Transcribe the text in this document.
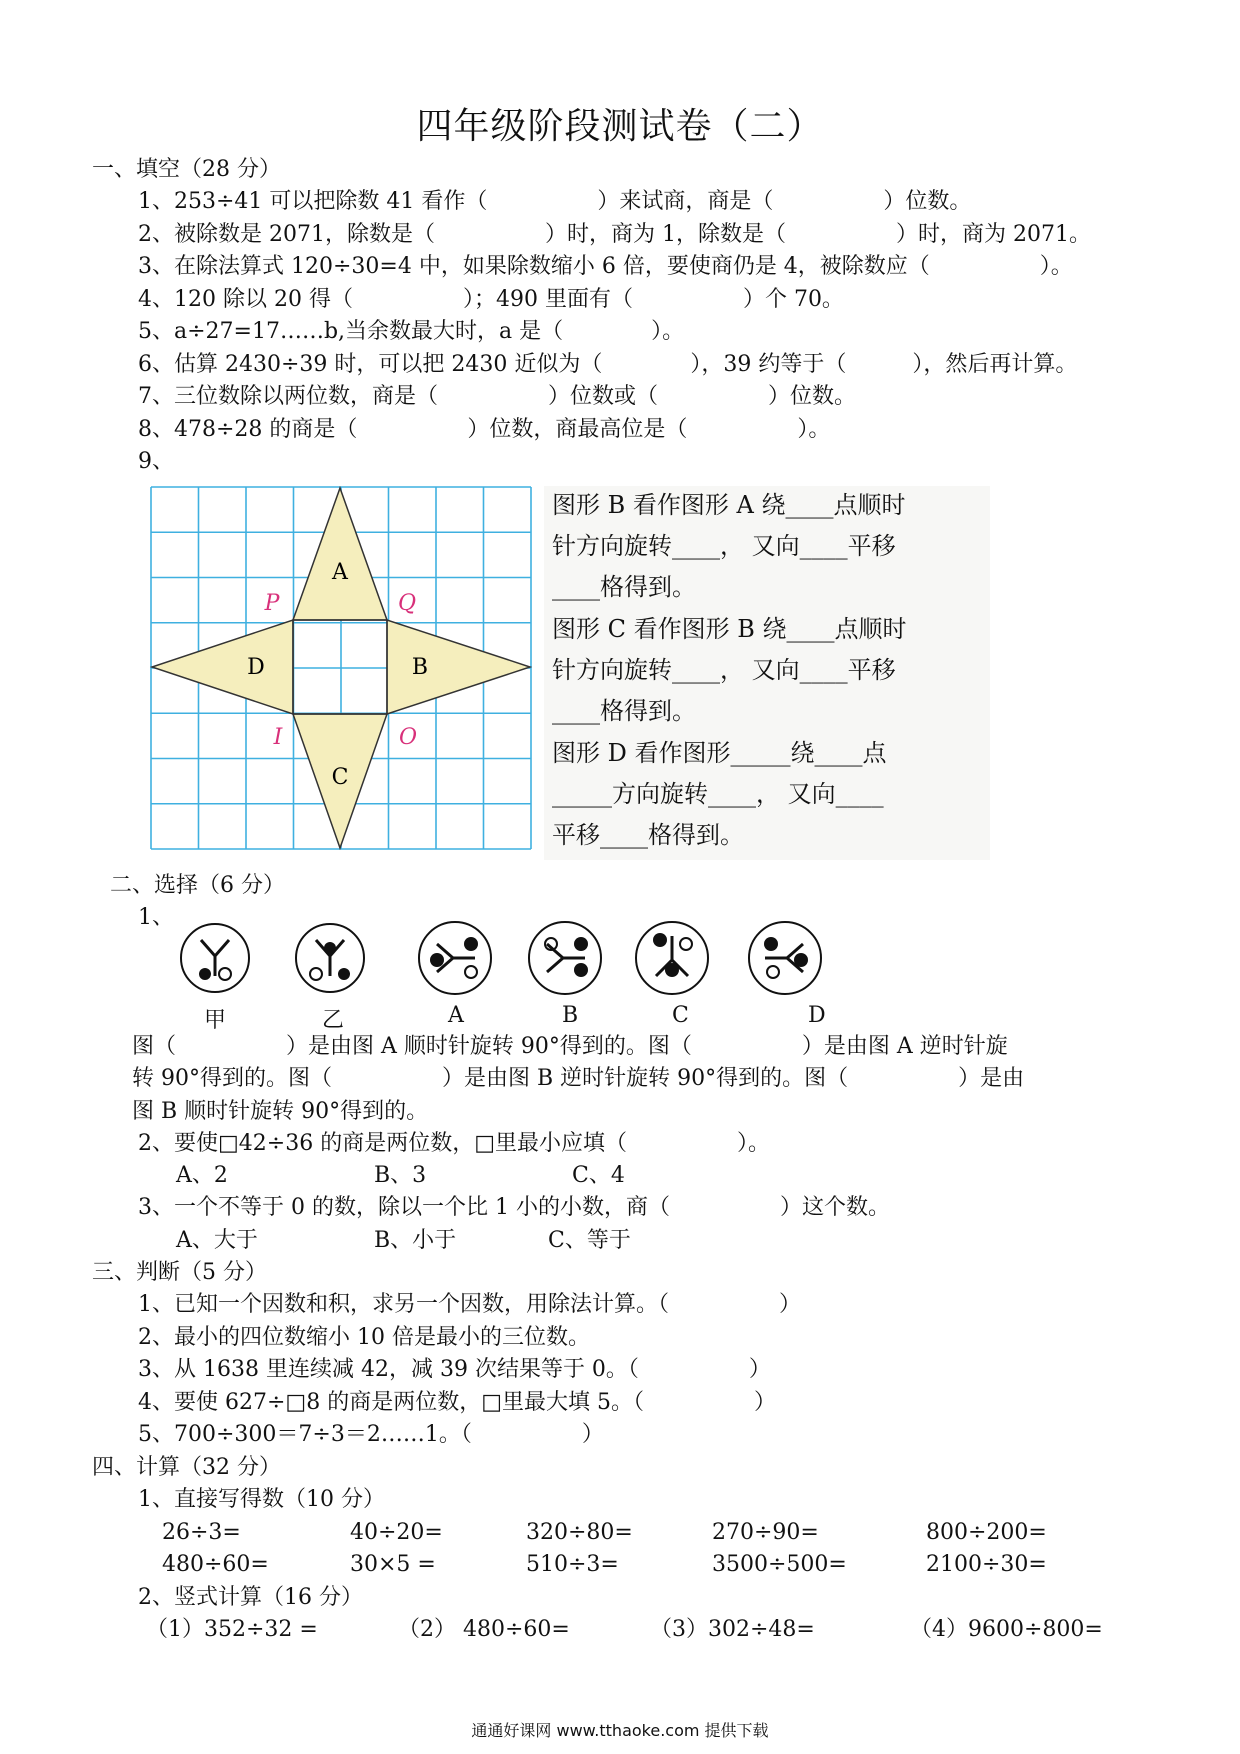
四年级阶段测试卷（二）
一、填空（28 分）
1、253÷41 可以把除数 41 看作（　　　　　）来试商，商是（　　　　　）位数。
2、被除数是 2071，除数是（　　　　　）时，商为 1，除数是（　　　　　）时，商为 2071。
3、在除法算式 120÷30=4 中，如果除数缩小 6 倍，要使商仍是 4，被除数应（　　　　　）。
4、120 除以 20 得（　　　　　）；490 里面有（　　　　　）个 70。
5、a÷27=17……b,当余数最大时，a 是（　　　　）。
6、估算 2430÷39 时，可以把 2430 近似为（　　　　），39 约等于（　　　），然后再计算。
7、三位数除以两位数，商是（　　　　　）位数或（　　　　　）位数。
8、478÷28 的商是（　　　　　）位数，商最高位是（　　　　　）。
9、
A
B
C
D
P	Q
I	O
图形 B 看作图形 A 绕____点顺时
针方向旋转____， 又向____平移
____格得到。
图形 C 看作图形 B 绕____点顺时
针方向旋转____， 又向____平移
____格得到。
图形 D 看作图形_____绕____点
_____方向旋转____， 又向____
平移____格得到。
二、选择（6 分）
1、
甲	乙	A	B	C	D
图（　　　　　）是由图 A 顺时针旋转 90°得到的。图（　　　　　）是由图 A 逆时针旋
转 90°得到的。图（　　　　　）是由图 B 逆时针旋转 90°得到的。图（　　　　　）是由
图 B 顺时针旋转 90°得到的。
2、要使□42÷36 的商是两位数，□里最小应填（　　　　　）。
A、2	B、3	C、4
3、一个不等于 0 的数，除以一个比 1 小的小数，商（　　　　　）这个数。
A、大于	B、小于	C、等于
三、判断（5 分）
1、已知一个因数和积，求另一个因数，用除法计算。（　　　　　）
2、最小的四位数缩小 10 倍是最小的三位数。
3、从 1638 里连续减 42，减 39 次结果等于 0。（　　　　　）
4、要使 627÷□8 的商是两位数，□里最大填 5。（　　　　　）
5、700÷300＝7÷3＝2……1。（　　　　　）
四、计算（32 分）
1、直接写得数（10 分）
26÷3=	40÷20=	320÷80=	270÷90=	800÷200=
480÷60=	30×5 =	510÷3=	3500÷500=	2100÷30=
2、竖式计算（16 分）
（1）352÷32 =	（2） 480÷60=	（3）302÷48=	（4）9600÷800=
通通好课网 www.tthaoke.com 提供下载
